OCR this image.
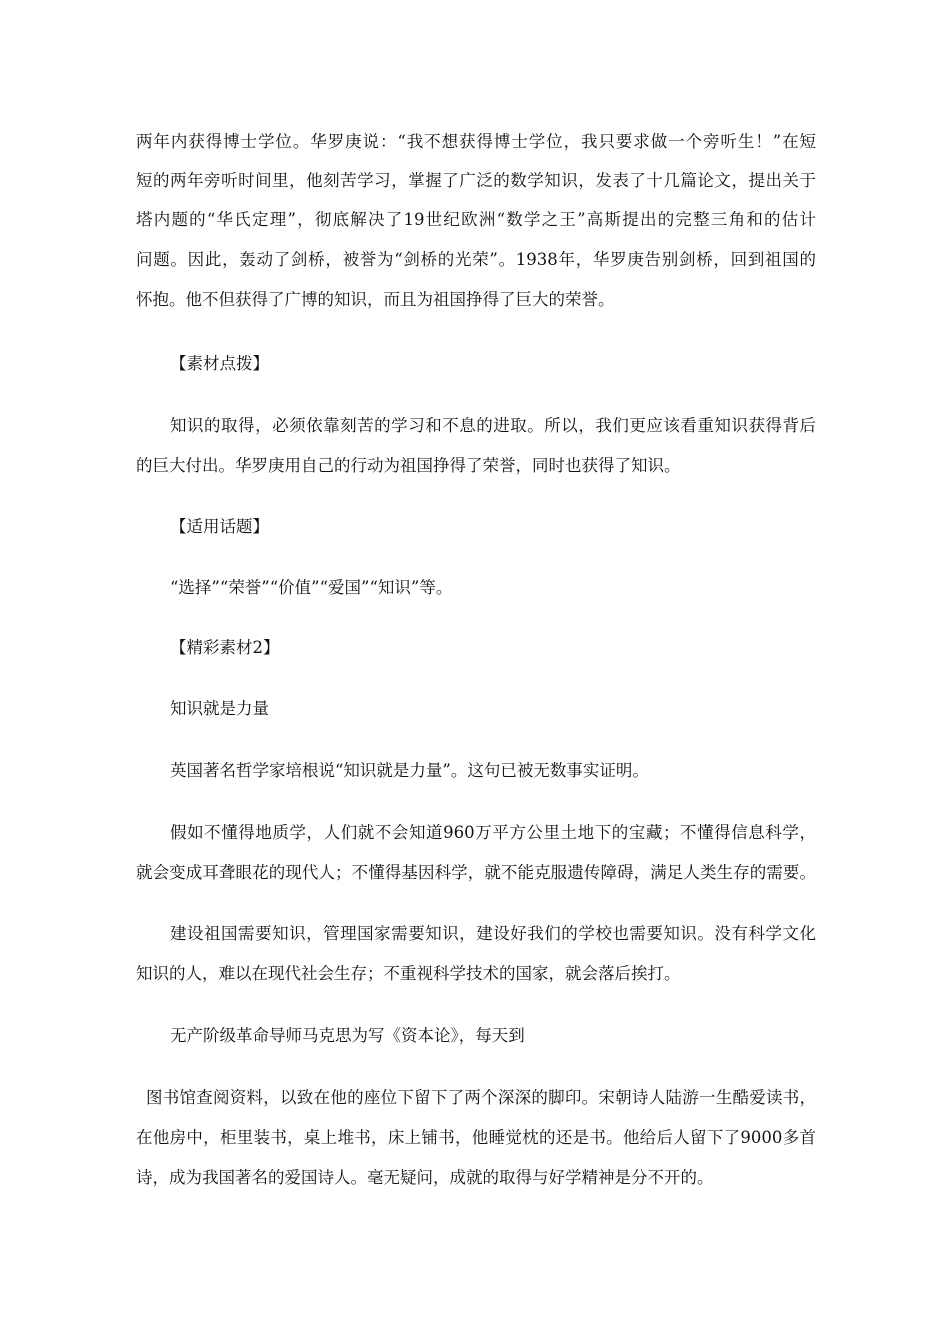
两年内获得博士学位。华罗庚说：“我不想获得博士学位，我只要求做一个旁听生！”在短
短的两年旁听时间里，他刻苦学习，掌握了广泛的数学知识，发表了十几篇论文，提出关于
塔内题的“华氏定理”，彻底解决了19世纪欧洲“数学之王”高斯提出的完整三角和的估计
问题。因此，轰动了剑桥，被誉为“剑桥的光荣”。1938年，华罗庚告别剑桥，回到祖国的
怀抱。他不但获得了广博的知识，而且为祖国挣得了巨大的荣誉。
【素材点拨】
知识的取得，必须依靠刻苦的学习和不息的进取。所以，我们更应该看重知识获得背后
的巨大付出。华罗庚用自己的行动为祖国挣得了荣誉，同时也获得了知识。
【适用话题】
“选择”“荣誉”“价值”“爱国”“知识”等。
【精彩素材2】
知识就是力量
英国著名哲学家培根说“知识就是力量”。这句已被无数事实证明。
假如不懂得地质学，人们就不会知道960万平方公里土地下的宝藏；不懂得信息科学，
就会变成耳聋眼花的现代人；不懂得基因科学，就不能克服遗传障碍，满足人类生存的需要。
建设祖国需要知识，管理国家需要知识，建设好我们的学校也需要知识。没有科学文化
知识的人，难以在现代社会生存；不重视科学技术的国家，就会落后挨打。
无产阶级革命导师马克思为写《资本论》，每天到
图书馆查阅资料，以致在他的座位下留下了两个深深的脚印。宋朝诗人陆游一生酷爱读书，
在他房中，柜里装书，桌上堆书，床上铺书，他睡觉枕的还是书。他给后人留下了9000多首
诗，成为我国著名的爱国诗人。毫无疑问，成就的取得与好学精神是分不开的。
